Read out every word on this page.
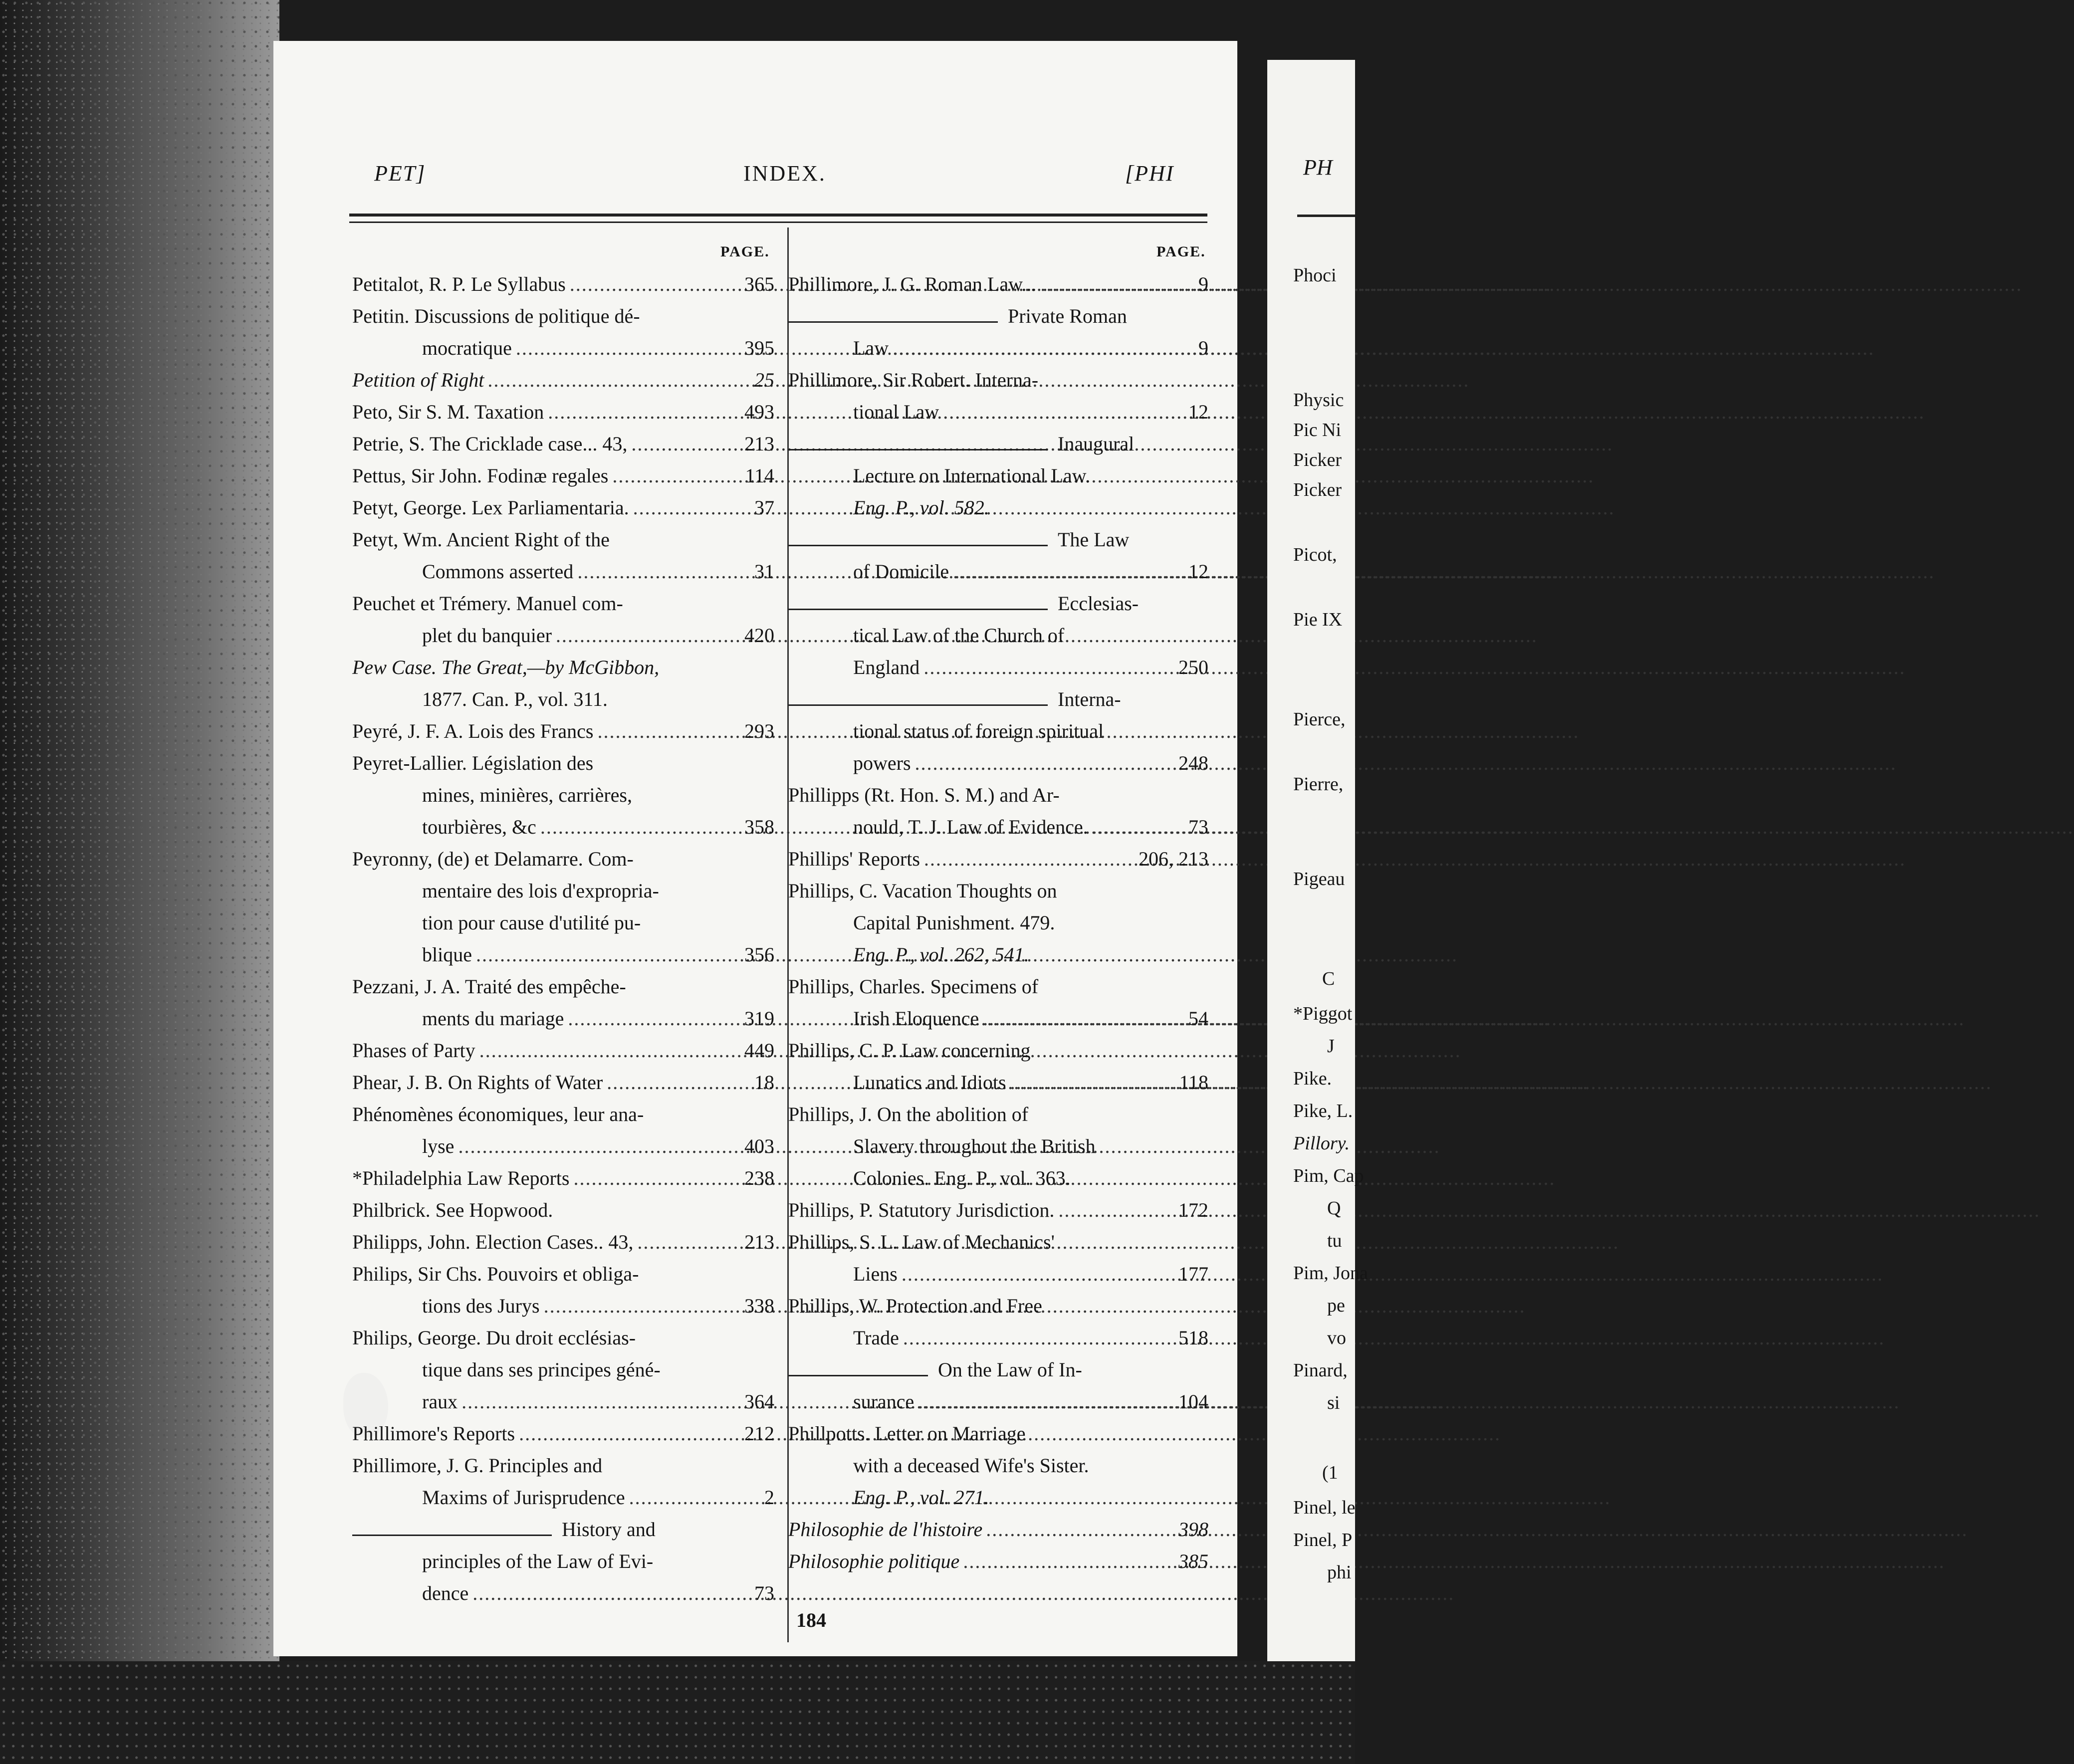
PET]	INDEX.	[PHI
PAGE.	PAGE.
Petitalot, R. P. Le Syllabus .....	365
Petitin. Discussions de politique dé-
mocratique .....	395
Petition of Right .....	25
Peto, Sir S. M. Taxation .....	493
Petrie, S. The Cricklade case... 43, .....	213
Pettus, Sir John. Fodinæ regales .....	114
Petyt, George. Lex Parliamentaria. .....	37
Petyt, Wm. Ancient Right of the
Commons asserted .....	31
Peuchet et Trémery. Manuel com-
plet du banquier .....	420
Pew Case. The Great,—by McGibbon,
1877. Can. P., vol. 311.
Peyré, J. F. A. Lois des Francs .....	293
Peyret-Lallier. Législation des
mines, minières, carrières,
tourbières, &c .....	358
Peyronny, (de) et Delamarre. Com-
mentaire des lois d'expropria-
tion pour cause d'utilité pu-
blique .....	356
Pezzani, J. A. Traité des empêche-
ments du mariage .....	319
Phases of Party .....	449
Phear, J. B. On Rights of Water .....	18
Phénomènes économiques, leur ana-
lyse .....	403
*Philadelphia Law Reports .....	238
Philbrick. See Hopwood.
Philipps, John. Election Cases.. 43, .....	213
Philips, Sir Chs. Pouvoirs et obliga-
tions des Jurys .....	338
Philips, George. Du droit ecclésias-
tique dans ses principes géné-
raux .....	364
Phillimore's Reports .....	212
Phillimore, J. G. Principles and
Maxims of Jurisprudence .....	2
History and
principles of the Law of Evi-
dence .....	73
Phillimore, J. G. Roman Law... .....	9
Private Roman
Law .....	9
Phillimore, Sir Robert. Interna-
tional Law .....	12
Inaugural
Lecture on International Law.
Eng. P., vol. 582.
The Law
of Domicile .....	12
Ecclesias-
tical Law of the Church of
England .....	250
Interna-
tional status of foreign spiritual
powers .....	248
Phillipps (Rt. Hon. S. M.) and Ar-
nould, T. J. Law of Evidence. .....	73
Phillips' Reports .....	206, 213
Phillips, C. Vacation Thoughts on
Capital Punishment. 479.
Eng. P., vol. 262, 541.
Phillips, Charles. Specimens of
Irish Eloquence .....	54
Phillips, C. P. Law concerning
Lunatics and Idiots .....	118
Phillips, J. On the abolition of
Slavery throughout the British
Colonies. Eng. P., vol. 363.
Phillips, P. Statutory Jurisdiction. .....	172
Phillips, S. L. Law of Mechanics'
Liens .....	177
Phillips, W. Protection and Free
Trade .....	518
On the Law of In-
surance .....	104
Phillpotts. Letter on Marriage
with a deceased Wife's Sister.
Eng. P., vol. 271.
Philosophie de l'histoire .....	398
Philosophie politique .....	385
184
PH
Phoci
Physic
Pic Ni
Picker
Picker
Picot,
Pie IX
Pierce,
Pierre,
Pigeau
C
*Piggot
J
Pike.
Pike, L.
Pillory.
Pim, Cap
Q
tu
Pim, Jona
pe
vo
Pinard,
si
(1
Pinel, le
Pinel, P
phi
